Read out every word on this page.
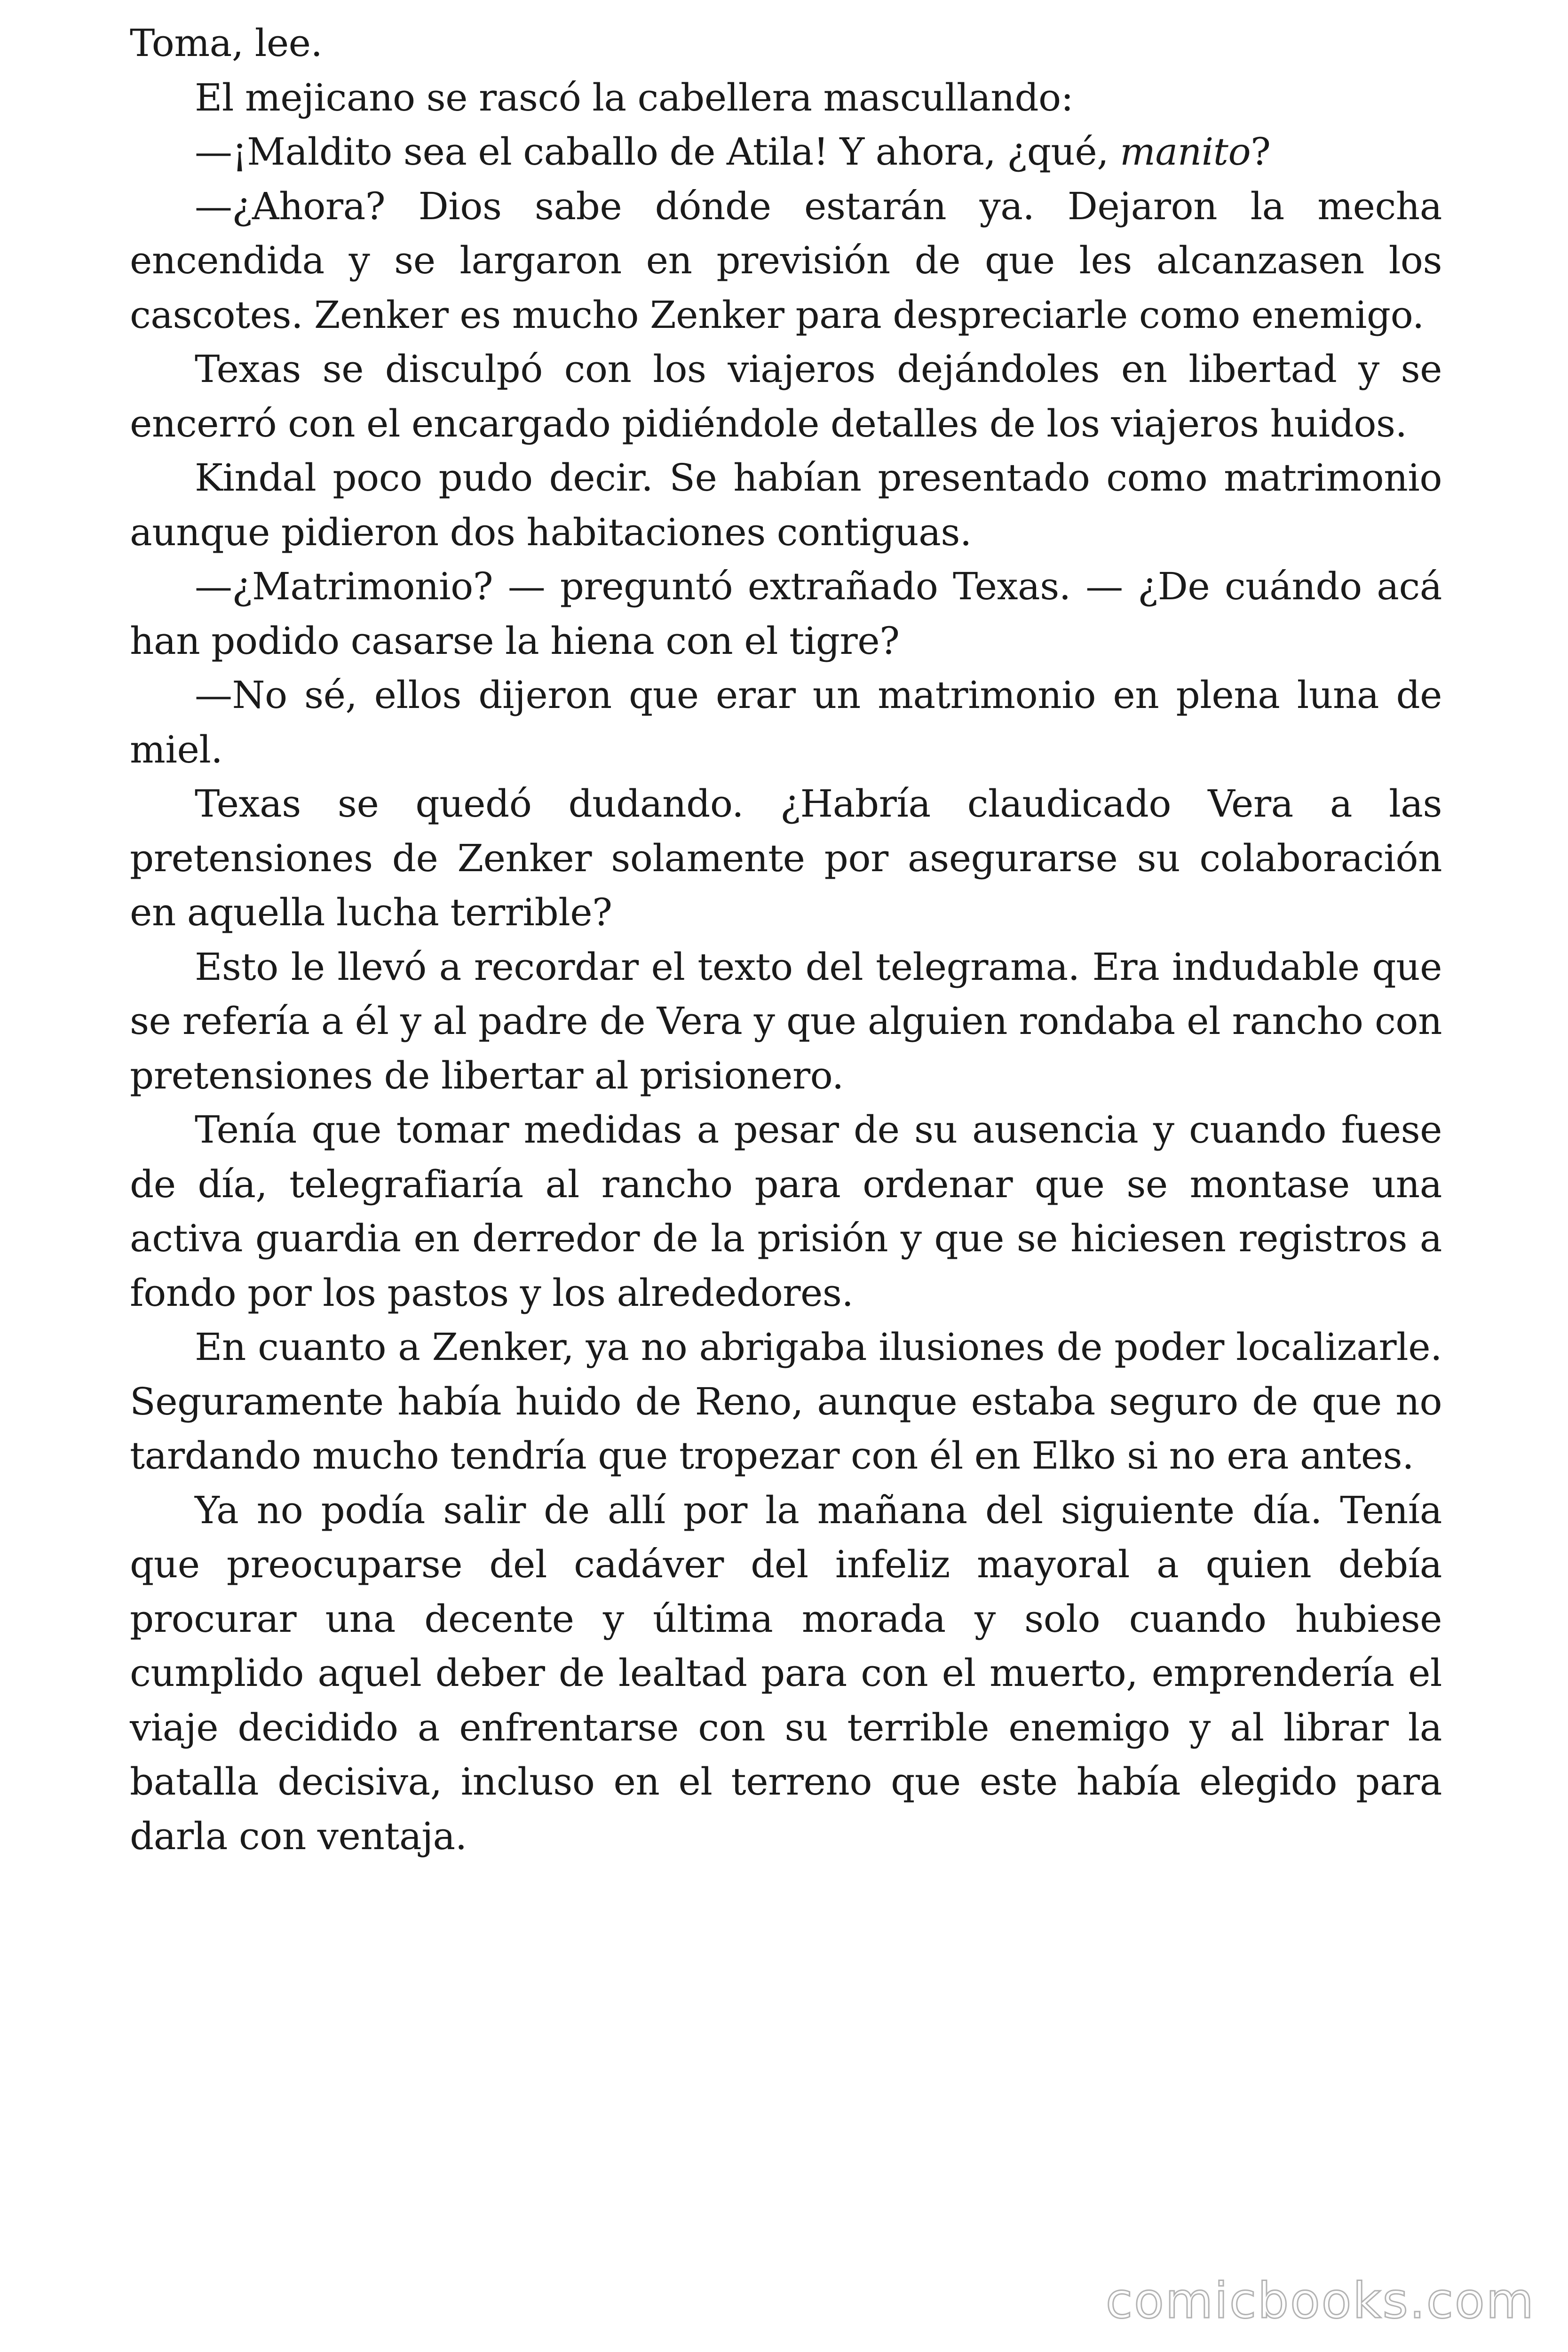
Toma, lee.

El mejicano se rascó la cabellera mascullando:

—¡Maldito sea el caballo de Atila! Y ahora, ¿qué, manito?

—¿Ahora? Dios sabe dónde estarán ya. Dejaron la mecha encendida y se largaron en previsión de que les alcanzasen los cascotes. Zenker es mucho Zenker para despreciarle como enemigo.

Texas se disculpó con los viajeros dejándoles en libertad y se encerró con el encargado pidiéndole detalles de los viajeros huidos.

Kindal poco pudo decir. Se habían presentado como matrimonio aunque pidieron dos habitaciones contiguas.

—¿Matrimonio? — preguntó extrañado Texas. — ¿De cuándo acá han podido casarse la hiena con el tigre?

—No sé, ellos dijeron que erar un matrimonio en plena luna de miel.

Texas se quedó dudando. ¿Habría claudicado Vera a las pretensiones de Zenker solamente por asegurarse su colaboración en aquella lucha terrible?

Esto le llevó a recordar el texto del telegrama. Era indudable que se refería a él y al padre de Vera y que alguien rondaba el rancho con pretensiones de libertar al prisionero.

Tenía que tomar medidas a pesar de su ausencia y cuando fuese de día, telegrafiaría al rancho para ordenar que se montase una activa guardia en derredor de la prisión y que se hiciesen registros a fondo por los pastos y los alrededores.

En cuanto a Zenker, ya no abrigaba ilusiones de poder localizarle. Seguramente había huido de Reno, aunque estaba seguro de que no tardando mucho tendría que tropezar con él en Elko si no era antes.

Ya no podía salir de allí por la mañana del siguiente día. Tenía que preocuparse del cadáver del infeliz mayoral a quien debía procurar una decente y última morada y solo cuando hubiese cumplido aquel deber de lealtad para con el muerto, emprendería el viaje decidido a enfrentarse con su terrible enemigo y al librar la batalla decisiva, incluso en el terreno que este había elegido para darla con ventaja.

comicbooks.com
